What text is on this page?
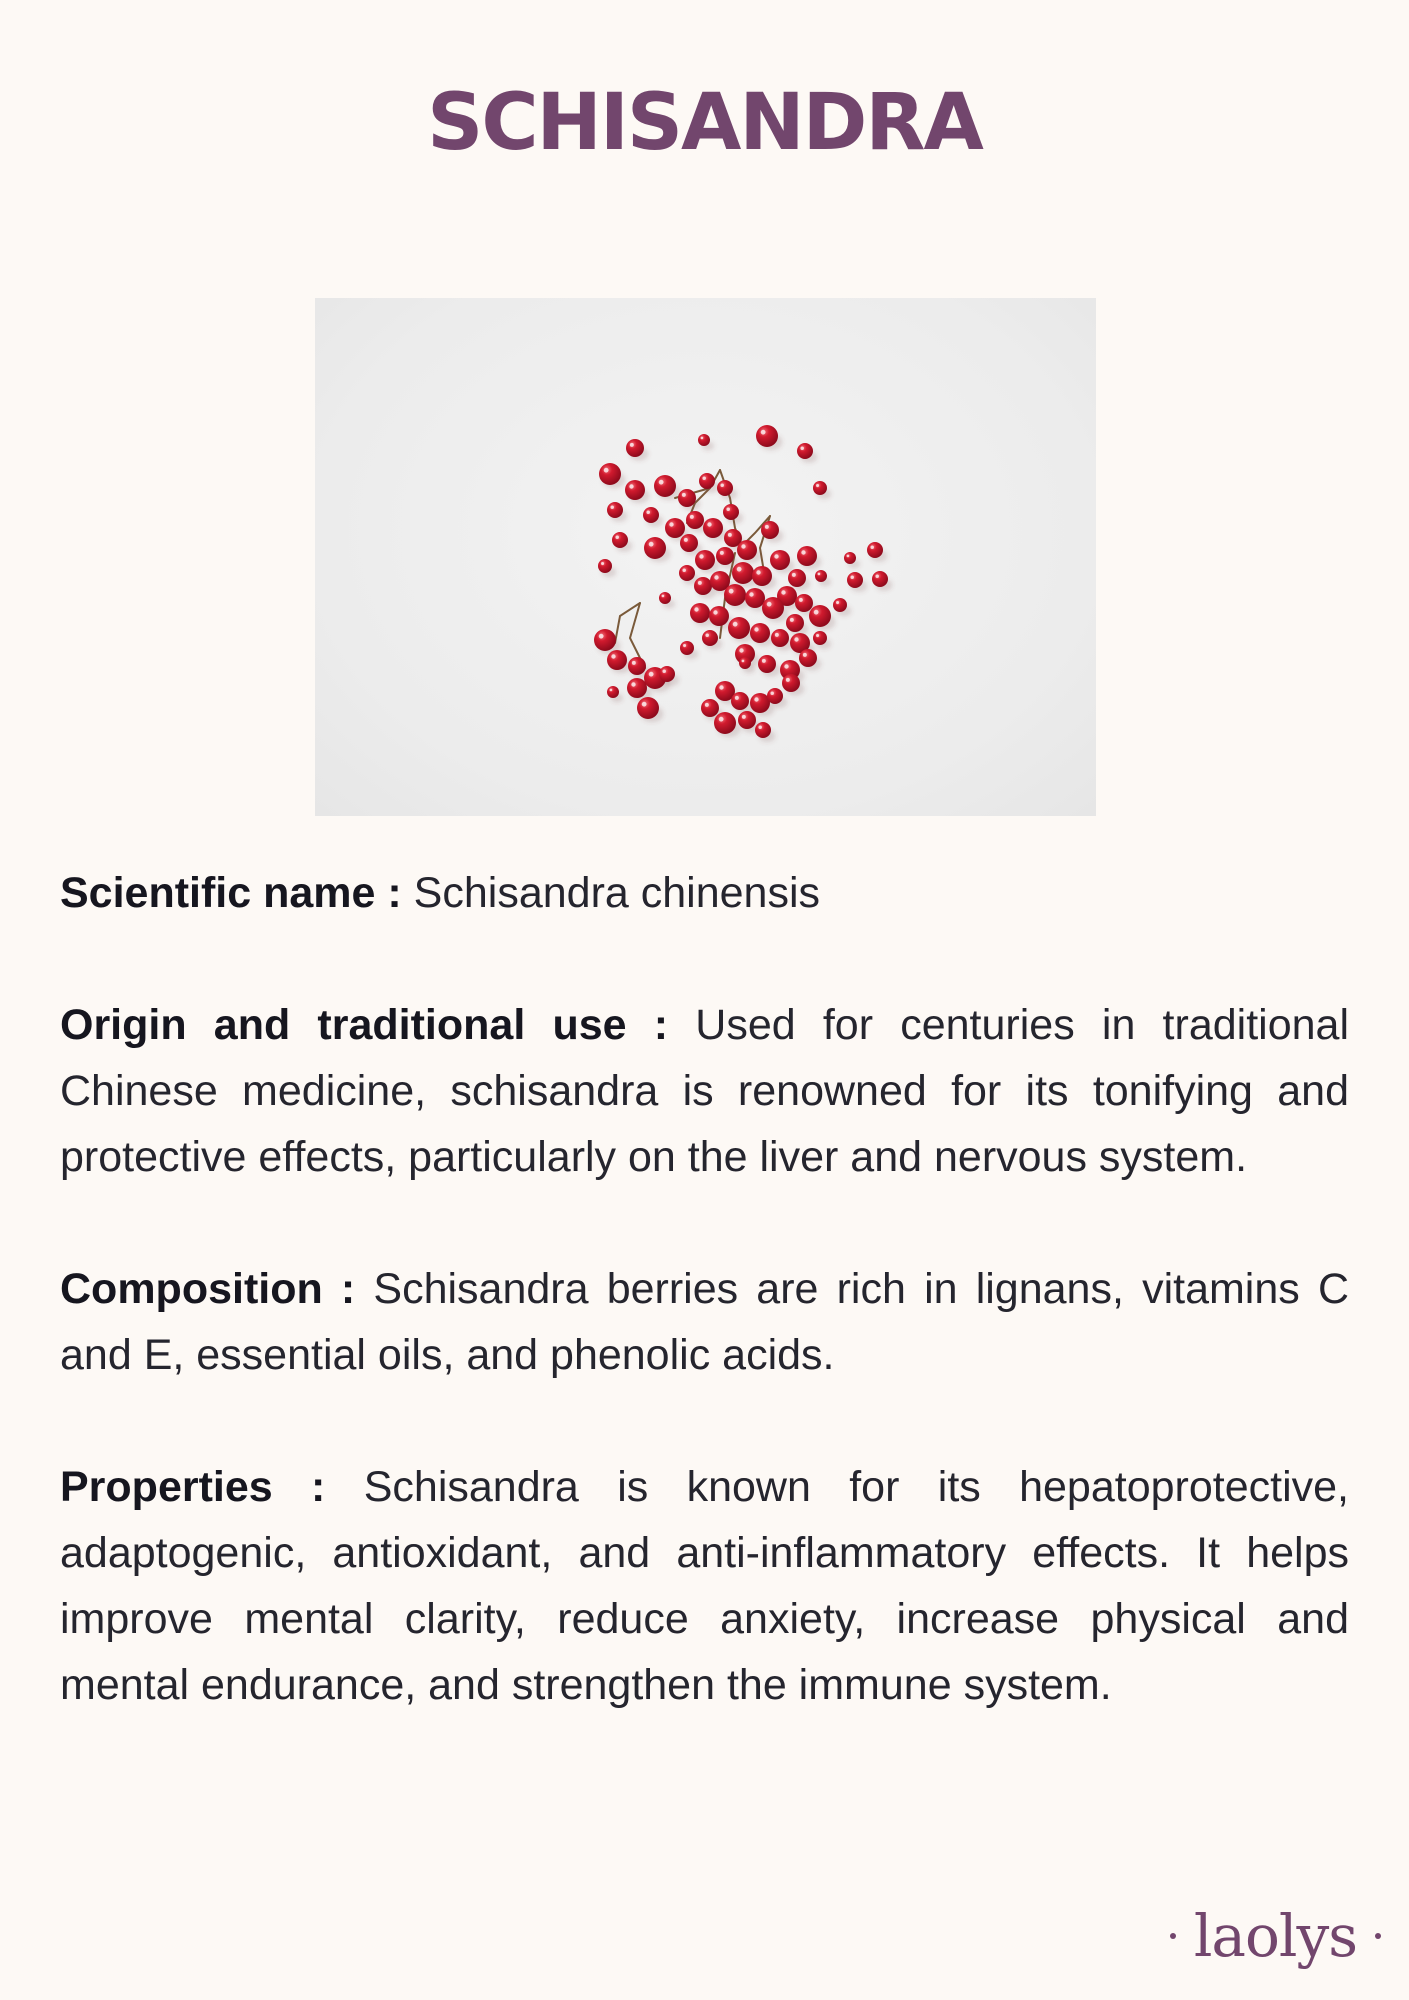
SCHISANDRA

Scientific name : Schisandra chinensis

Origin and traditional use : Used for centuries in traditional Chinese medicine, schisandra is renowned for its tonifying and protective effects, particularly on the liver and nervous system.

Composition : Schisandra berries are rich in lignans, vitamins C and E, essential oils, and phenolic acids.

Properties : Schisandra is known for its hepatoprotective, adaptogenic, antioxidant, and anti-inflammatory effects. It helps improve mental clarity, reduce anxiety, increase physical and mental endurance, and strengthen the immune system.

laolys
